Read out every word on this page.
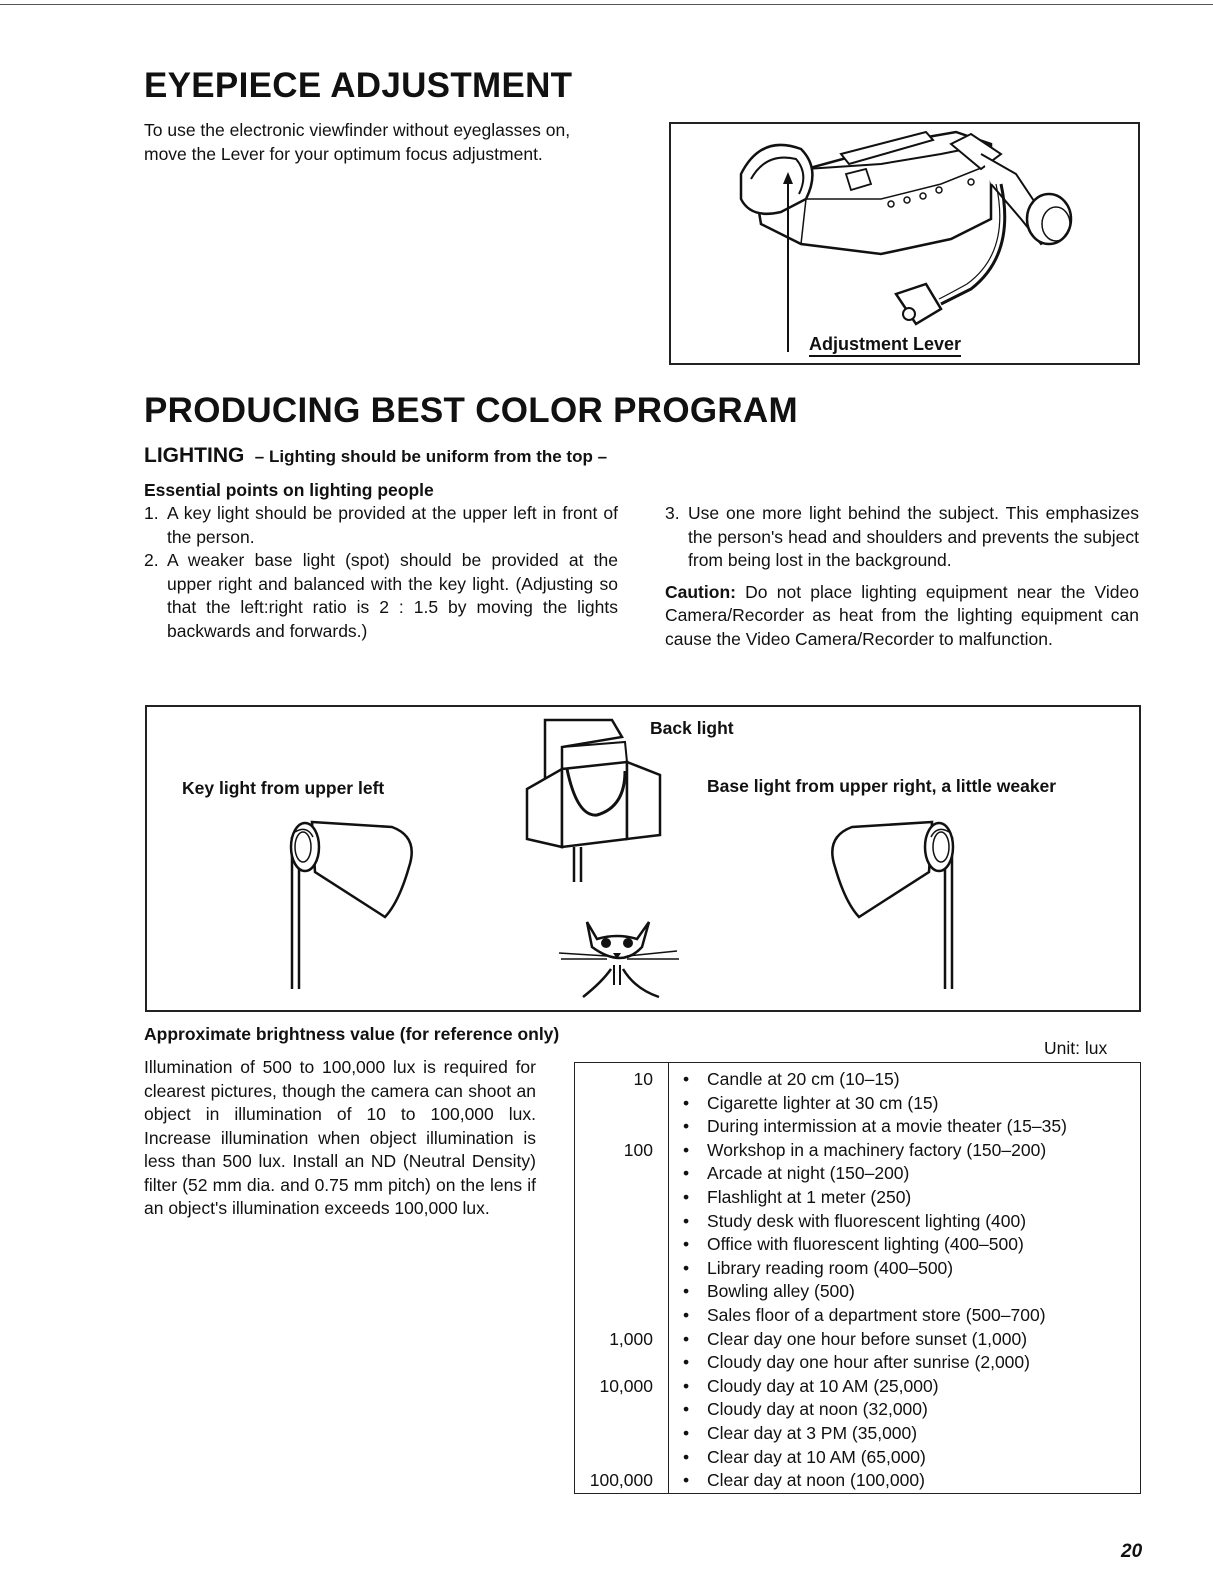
EYEPIECE ADJUSTMENT
To use the electronic viewfinder without eyeglasses on,
move the Lever for your optimum focus adjustment.
Adjustment Lever
PRODUCING BEST COLOR PROGRAM
LIGHTING – Lighting should be uniform from the top –
Essential points on lighting people
1. A key light should be provided at the upper left in front of the person.
2. A weaker base light (spot) should be provided at the upper right and balanced with the key light. (Adjusting so that the left:right ratio is 2 : 1.5 by moving the lights backwards and forwards.)
3. Use one more light behind the subject. This emphasizes the person's head and shoulders and prevents the subject from being lost in the background.
Caution: Do not place lighting equipment near the Video Camera/Recorder as heat from the lighting equipment can cause the Video Camera/Recorder to malfunction.
Back light
Key light from upper left	Base light from upper right, a little weaker
Approximate brightness value (for reference only)
Unit: lux
Illumination of 500 to 100,000 lux is required for clearest pictures, though the camera can shoot an object in illumination of 10 to 100,000 lux. Increase illumination when object illumination is less than 500 lux. Install an ND (Neutral Density) filter (52 mm dia. and 0.75 mm pitch) on the lens if an object's illumination exceeds 100,000 lux.
10
100
1,000
10,000
100,000
• Candle at 20 cm (10–15)
• Cigarette lighter at 30 cm (15)
• During intermission at a movie theater (15–35)
• Workshop in a machinery factory (150–200)
• Arcade at night (150–200)
• Flashlight at 1 meter (250)
• Study desk with fluorescent lighting (400)
• Office with fluorescent lighting (400–500)
• Library reading room (400–500)
• Bowling alley (500)
• Sales floor of a department store (500–700)
• Clear day one hour before sunset (1,000)
• Cloudy day one hour after sunrise (2,000)
• Cloudy day at 10 AM (25,000)
• Cloudy day at noon (32,000)
• Clear day at 3 PM (35,000)
• Clear day at 10 AM (65,000)
• Clear day at noon (100,000)
20
